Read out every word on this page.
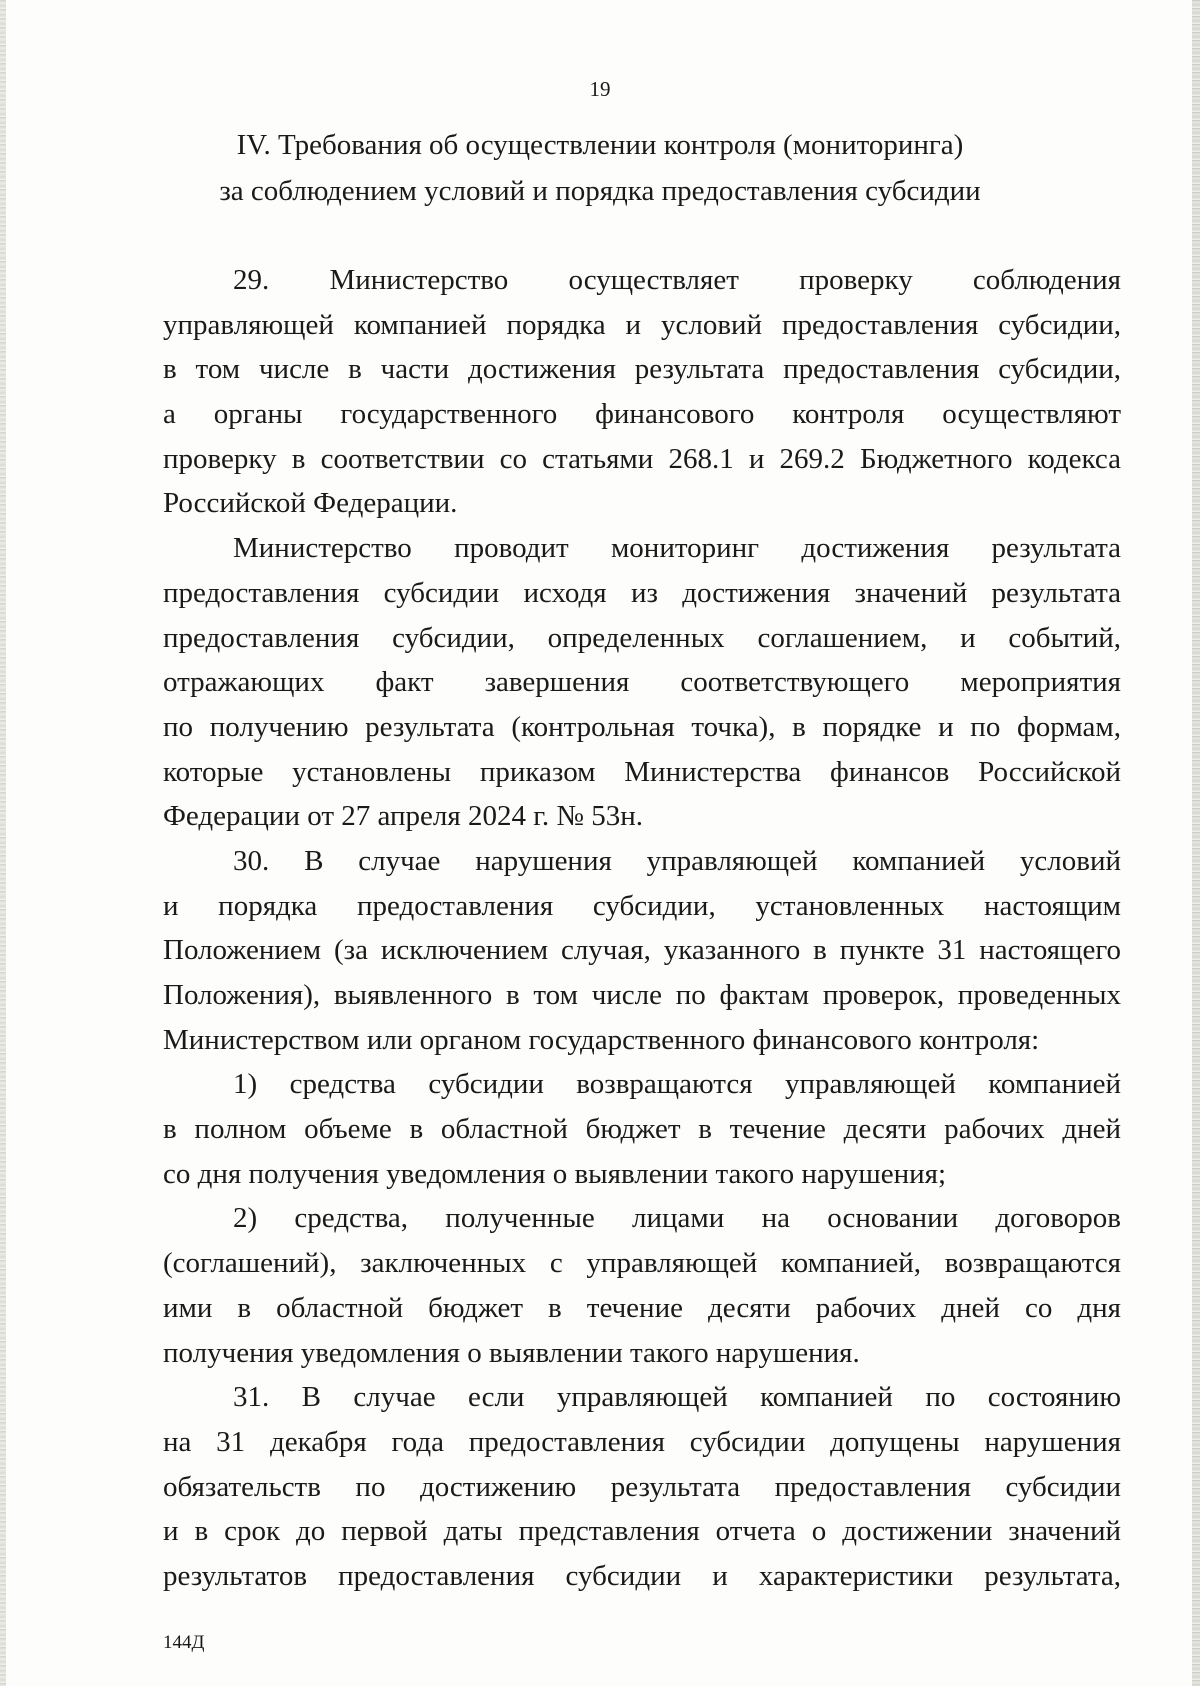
19
IV. Требования об осуществлении контроля (мониторинга)
за соблюдением условий и порядка предоставления субсидии
29. Министерство осуществляет проверку соблюдения
управляющей компанией порядка и условий предоставления субсидии,
в том числе в части достижения результата предоставления субсидии,
а органы государственного финансового контроля осуществляют
проверку в соответствии со статьями 268.1 и 269.2 Бюджетного кодекса
Российской Федерации.
Министерство проводит мониторинг достижения результата
предоставления субсидии исходя из достижения значений результата
предоставления субсидии, определенных соглашением, и событий,
отражающих факт завершения соответствующего мероприятия
по получению результата (контрольная точка), в порядке и по формам,
которые установлены приказом Министерства финансов Российской
Федерации от 27 апреля 2024 г. № 53н.
30. В случае нарушения управляющей компанией условий
и порядка предоставления субсидии, установленных настоящим
Положением (за исключением случая, указанного в пункте 31 настоящего
Положения), выявленного в том числе по фактам проверок, проведенных
Министерством или органом государственного финансового контроля:
1) средства субсидии возвращаются управляющей компанией
в полном объеме в областной бюджет в течение десяти рабочих дней
со дня получения уведомления о выявлении такого нарушения;
2) средства, полученные лицами на основании договоров
(соглашений), заключенных с управляющей компанией, возвращаются
ими в областной бюджет в течение десяти рабочих дней со дня
получения уведомления о выявлении такого нарушения.
31. В случае если управляющей компанией по состоянию
на 31 декабря года предоставления субсидии допущены нарушения
обязательств по достижению результата предоставления субсидии
и в срок до первой даты представления отчета о достижении значений
результатов предоставления субсидии и характеристики результата,
144Д
